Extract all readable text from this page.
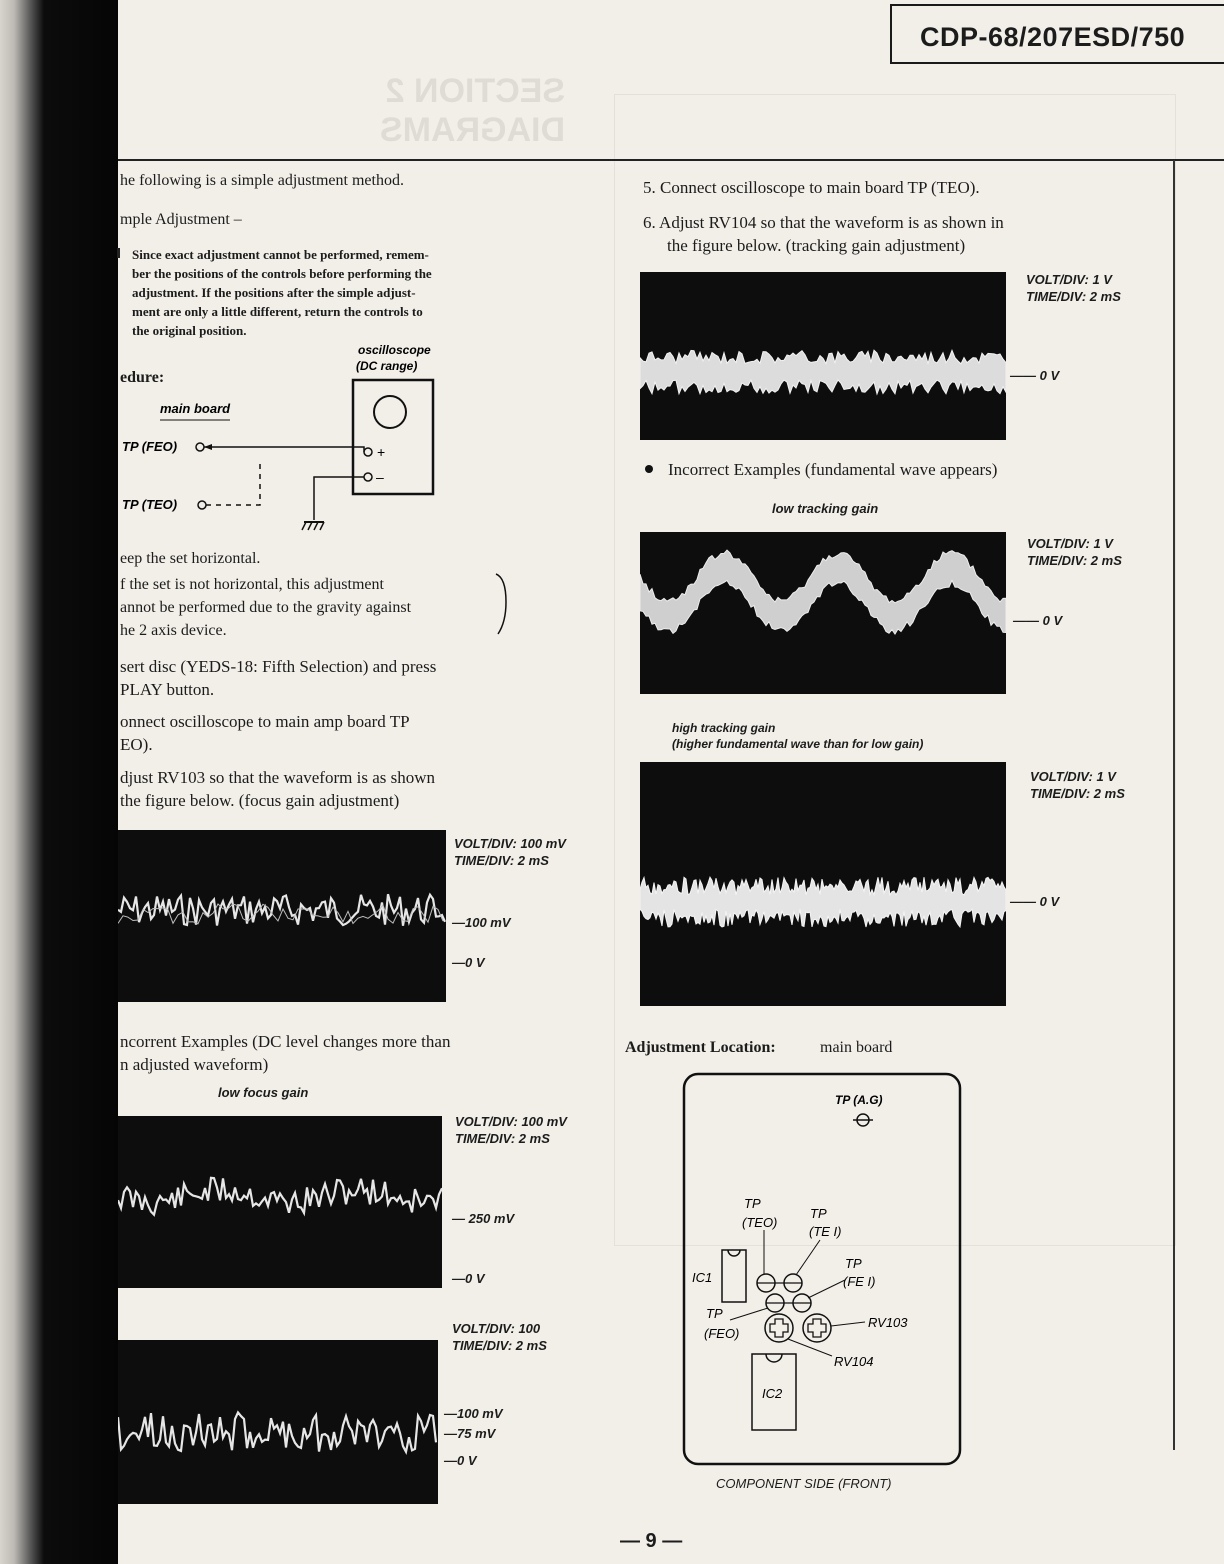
SECTION 2
DIAGRAMS
CDP-68/207ESD/750
he following is a simple adjustment method.
mple Adjustment –
Since exact adjustment cannot be performed, remem-
ber the positions of the controls before performing the
adjustment. If the positions after the simple adjust-
ment are only a little different, return the controls to
the original position.
edure:
oscilloscope
(DC range)
+
–
main board
TP (FEO)
TP (TEO)
eep the set horizontal.
f the set is not horizontal, this adjustment
annot be performed due to the gravity against
he 2 axis device.
sert disc (YEDS-18: Fifth Selection) and press
PLAY button.
onnect oscilloscope to main amp board TP
EO).
djust RV103 so that the waveform is as shown
the figure below. (focus gain adjustment)
VOLT/DIV: 100 mV
TIME/DIV: 2 mS
—100 mV
—0 V
ncorrent Examples (DC level changes more than
n adjusted waveform)
low focus gain
VOLT/DIV: 100 mV
TIME/DIV: 2 mS
— 250 mV
—0 V
VOLT/DIV: 100
TIME/DIV: 2 mS
—100 mV
—75 mV
—0 V
5. Connect oscilloscope to main board TP (TEO).
6. Adjust RV104 so that the waveform is as shown in
the figure below. (tracking gain adjustment)
VOLT/DIV: 1 V
TIME/DIV: 2 mS
—— 0 V
Incorrect Examples (fundamental wave appears)
low tracking gain
VOLT/DIV: 1 V
TIME/DIV: 2 mS
—— 0 V
high tracking gain
(higher fundamental wave than for low gain)
VOLT/DIV: 1 V
TIME/DIV: 2 mS
—— 0 V
Adjustment Location:	main board
TP (A.G)
TP
(TEO)
TP
(TE I)
TP
(FE I)
TP
(FEO)
IC1
RV103
RV104
IC2
COMPONENT SIDE (FRONT)
— 9 —
